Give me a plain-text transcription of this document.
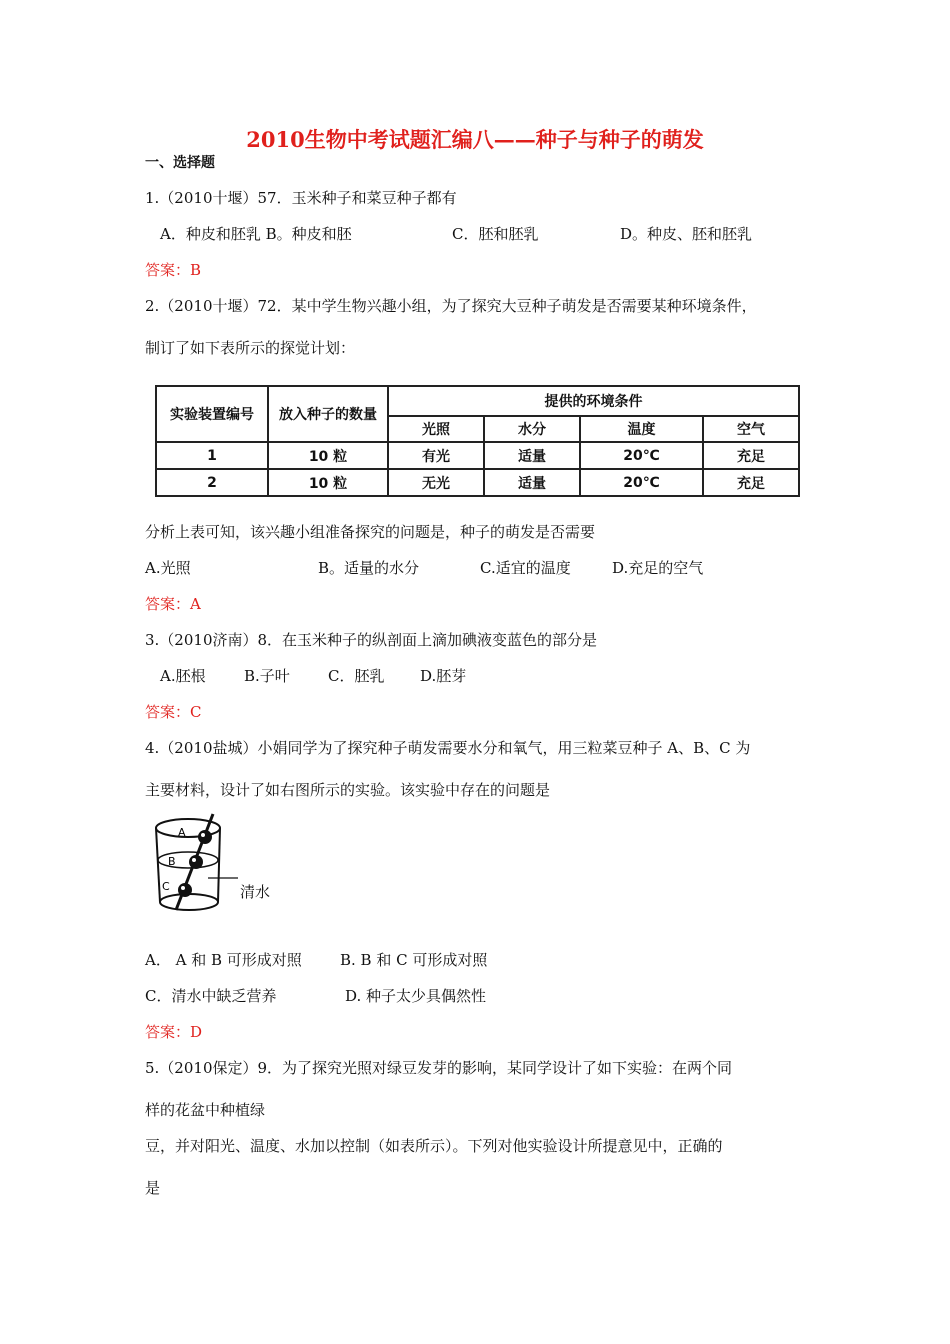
2010生物中考试题汇编八——种子与种子的萌发
一、选择题
1.（2010十堰）57．玉米种子和菜豆种子都有
A．种皮和胚乳 B。种皮和胚	C．胚和胚乳	D。种皮、胚和胚乳
答案：B
2.（2010十堰）72．某中学生物兴趣小组，为了探究大豆种子萌发是否需要某种环境条件，
制订了如下表所示的探觉计划：
实验装置编号	放入种子的数量	提供的环境条件			
		光照	水分	温度	空气
1	10 粒	有光	适量	20℃	充足
2	10 粒	无光	适量	20℃	充足
分析上表可知，该兴趣小组准备探究的问题是，种子的萌发是否需要
A.光照	B。适量的水分	C.适宜的温度	D.充足的空气
答案：A
3.（2010济南）8．在玉米种子的纵剖面上滴加碘液变蓝色的部分是
A.胚根	B.子叶	C．胚乳 D.胚芽
答案：C
4.（2010盐城）小娟同学为了探究种子萌发需要水分和氧气，用三粒菜豆种子 A、B、C 为
主要材料，设计了如右图所示的实验。该实验中存在的问题是
A
B
C	清水
A． A 和 B 可形成对照	B. B 和 C 可形成对照
C．清水中缺乏营养	D. 种子太少具偶然性
答案：D
5.（2010保定）9．为了探究光照对绿豆发芽的影响，某同学设计了如下实验：在两个同
样的花盆中种植绿
豆，并对阳光、温度、水加以控制（如表所示）。下列对他实验设计所提意见中，正确的
是
